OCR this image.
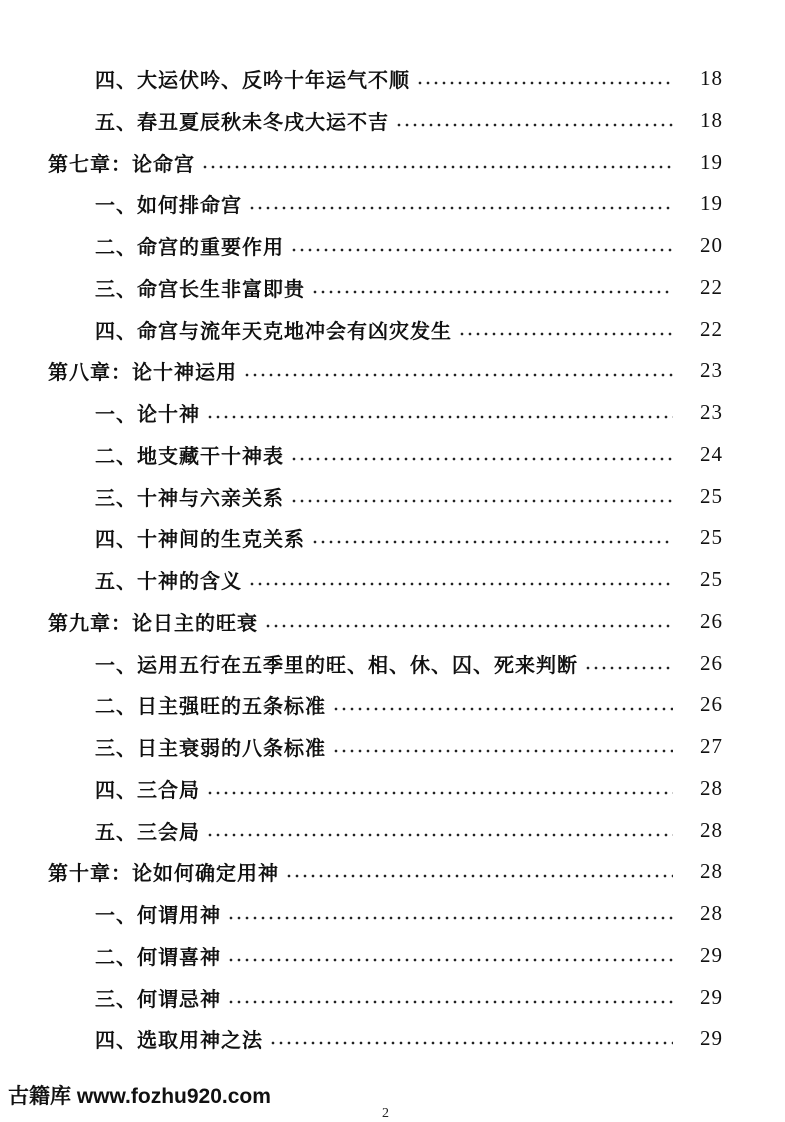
四、大运伏吟、反吟十年运气不顺	18
五、春丑夏辰秋未冬戌大运不吉	18
第七章：论命宫	19
一、如何排命宫	19
二、命宫的重要作用	20
三、命宫长生非富即贵	22
四、命宫与流年天克地冲会有凶灾发生	22
第八章：论十神运用	23
一、论十神	23
二、地支藏干十神表	24
三、十神与六亲关系	25
四、十神间的生克关系	25
五、十神的含义	25
第九章：论日主的旺衰	26
一、运用五行在五季里的旺、相、休、囚、死来判断	26
二、日主强旺的五条标准	26
三、日主衰弱的八条标准	27
四、三合局	28
五、三会局	28
第十章：论如何确定用神	28
一、何谓用神	28
二、何谓喜神	29
三、何谓忌神	29
四、选取用神之法	29
古籍库 www.fozhu920.com
2
